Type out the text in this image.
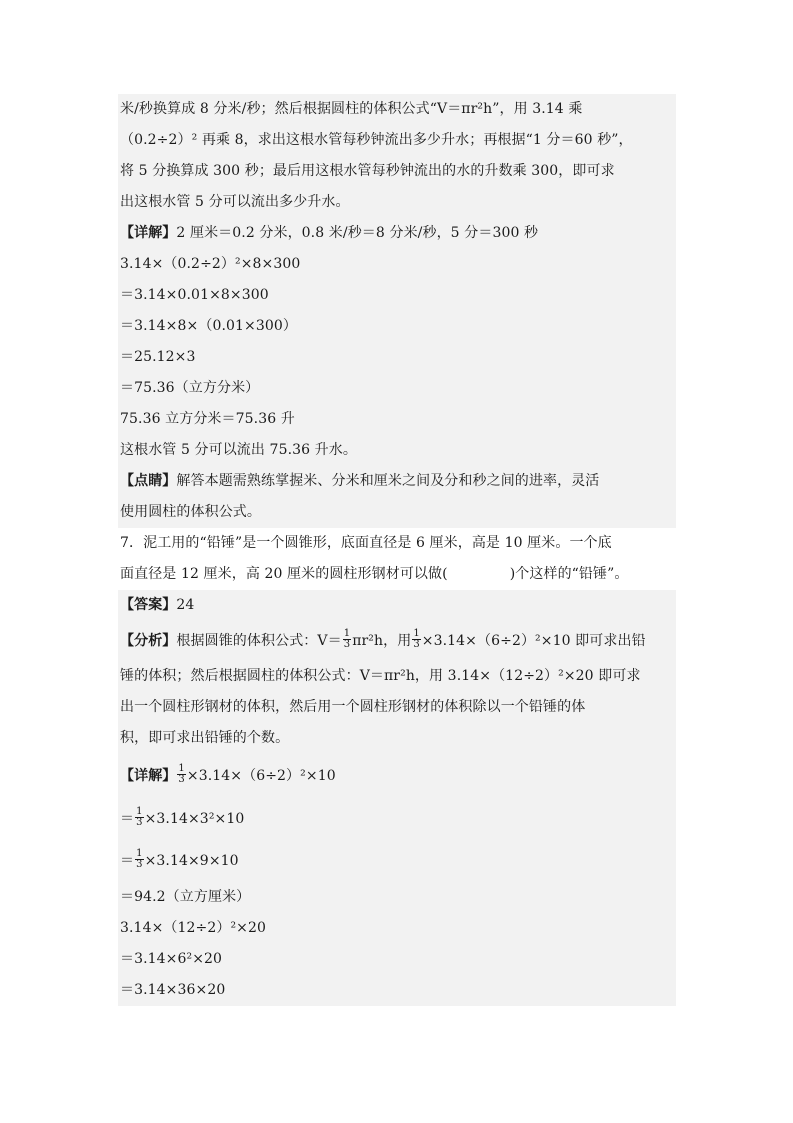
米/秒换算成 8 分米/秒；然后根据圆柱的体积公式“V＝πr²h”，用 3.14 乘
（0.2÷2）² 再乘 8，求出这根水管每秒钟流出多少升水；再根据“1 分＝60 秒”，
将 5 分换算成 300 秒；最后用这根水管每秒钟流出的水的升数乘 300，即可求
出这根水管 5 分可以流出多少升水。
【详解】2 厘米＝0.2 分米，0.8 米/秒＝8 分米/秒，5 分＝300 秒
3.14×（0.2÷2）²×8×300
＝3.14×0.01×8×300
＝3.14×8×（0.01×300）
＝25.12×3
＝75.36（立方分米）
75.36 立方分米＝75.36 升
这根水管 5 分可以流出 75.36 升水。
【点睛】解答本题需熟练掌握米、分米和厘米之间及分和秒之间的进率，灵活
使用圆柱的体积公式。
7．泥工用的“铅锤”是一个圆锥形，底面直径是 6 厘米，高是 10 厘米。一个底
面直径是 12 厘米，高 20 厘米的圆柱形钢材可以做(	)个这样的“铅锤”。
【答案】24
【分析】根据圆锥的体积公式：$V= \frac{1}{3} \pi r^2h$，用 $\frac{1}{3} \times 3.14\times(6\div 2)^2\times 10$ 即可求出铅
锤的体积；然后根据圆柱的体积公式：V＝πr²h，用 3.14×（12÷2）²×20 即可求
出一个圆柱形钢材的体积，然后用一个圆柱形钢材的体积除以一个铅锤的体
积，即可求出铅锤的个数。
【详解】 $\frac{1}{3} \times 3.14\times(6\div 2)^2\times 10$
＝ $\frac{1}{3} \times 3.14\times 3^2\times 10$
＝ $\frac{1}{3} \times 3.14\times 9\times 10$
＝94.2（立方厘米）
3.14×（12÷2）²×20
＝3.14×6²×20
＝3.14×36×20
